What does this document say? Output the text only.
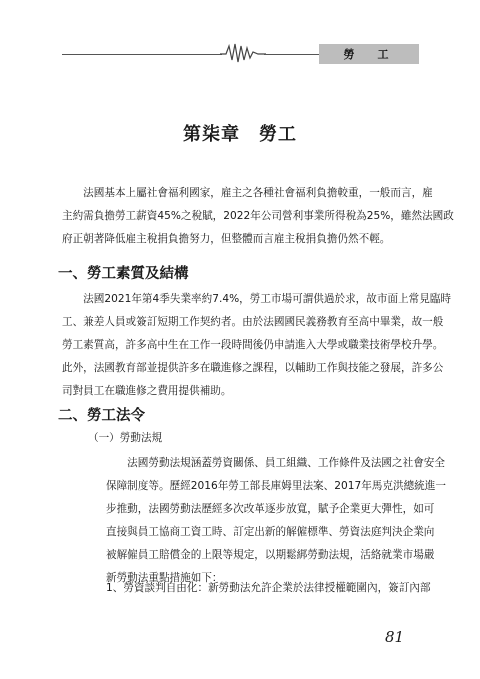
勞　工
第柒章　勞工
　　法國基本上屬社會福利國家，雇主之各種社會福利負擔較重，一般而言，雇
主約需負擔勞工薪資45%之稅賦，2022年公司營利事業所得稅為25%，雖然法國政
府正朝著降低雇主稅捐負擔努力，但整體而言雇主稅捐負擔仍然不輕。
一、勞工素質及結構
　　法國2021年第4季失業率約7.4%，勞工市場可謂供過於求，故市面上常見臨時
工、兼差人員或簽訂短期工作契約者。由於法國國民義務教育至高中畢業，故一般
勞工素質高，許多高中生在工作一段時間後仍申請進入大學或職業技術學校升學。
此外，法國教育部並提供許多在職進修之課程，以輔助工作與技能之發展，許多公
司對員工在職進修之費用提供補助。
二、勞工法令
（一）勞動法規
　　法國勞動法規涵蓋勞資關係、員工組織、工作條件及法國之社會安全
保障制度等。歷經2016年勞工部長庫姆里法案、2017年馬克洪總統進一
步推動，法國勞動法歷經多次改革逐步放寬，賦予企業更大彈性，如可
直接與員工協商工資工時、訂定出新的解僱標準、勞資法庭判決企業向
被解僱員工賠償金的上限等規定，以期鬆綁勞動法規，活絡就業市場嚴
新勞動法重點措施如下：
1、勞資談判自由化：新勞動法允許企業於法律授權範圍內，簽訂內部
81
